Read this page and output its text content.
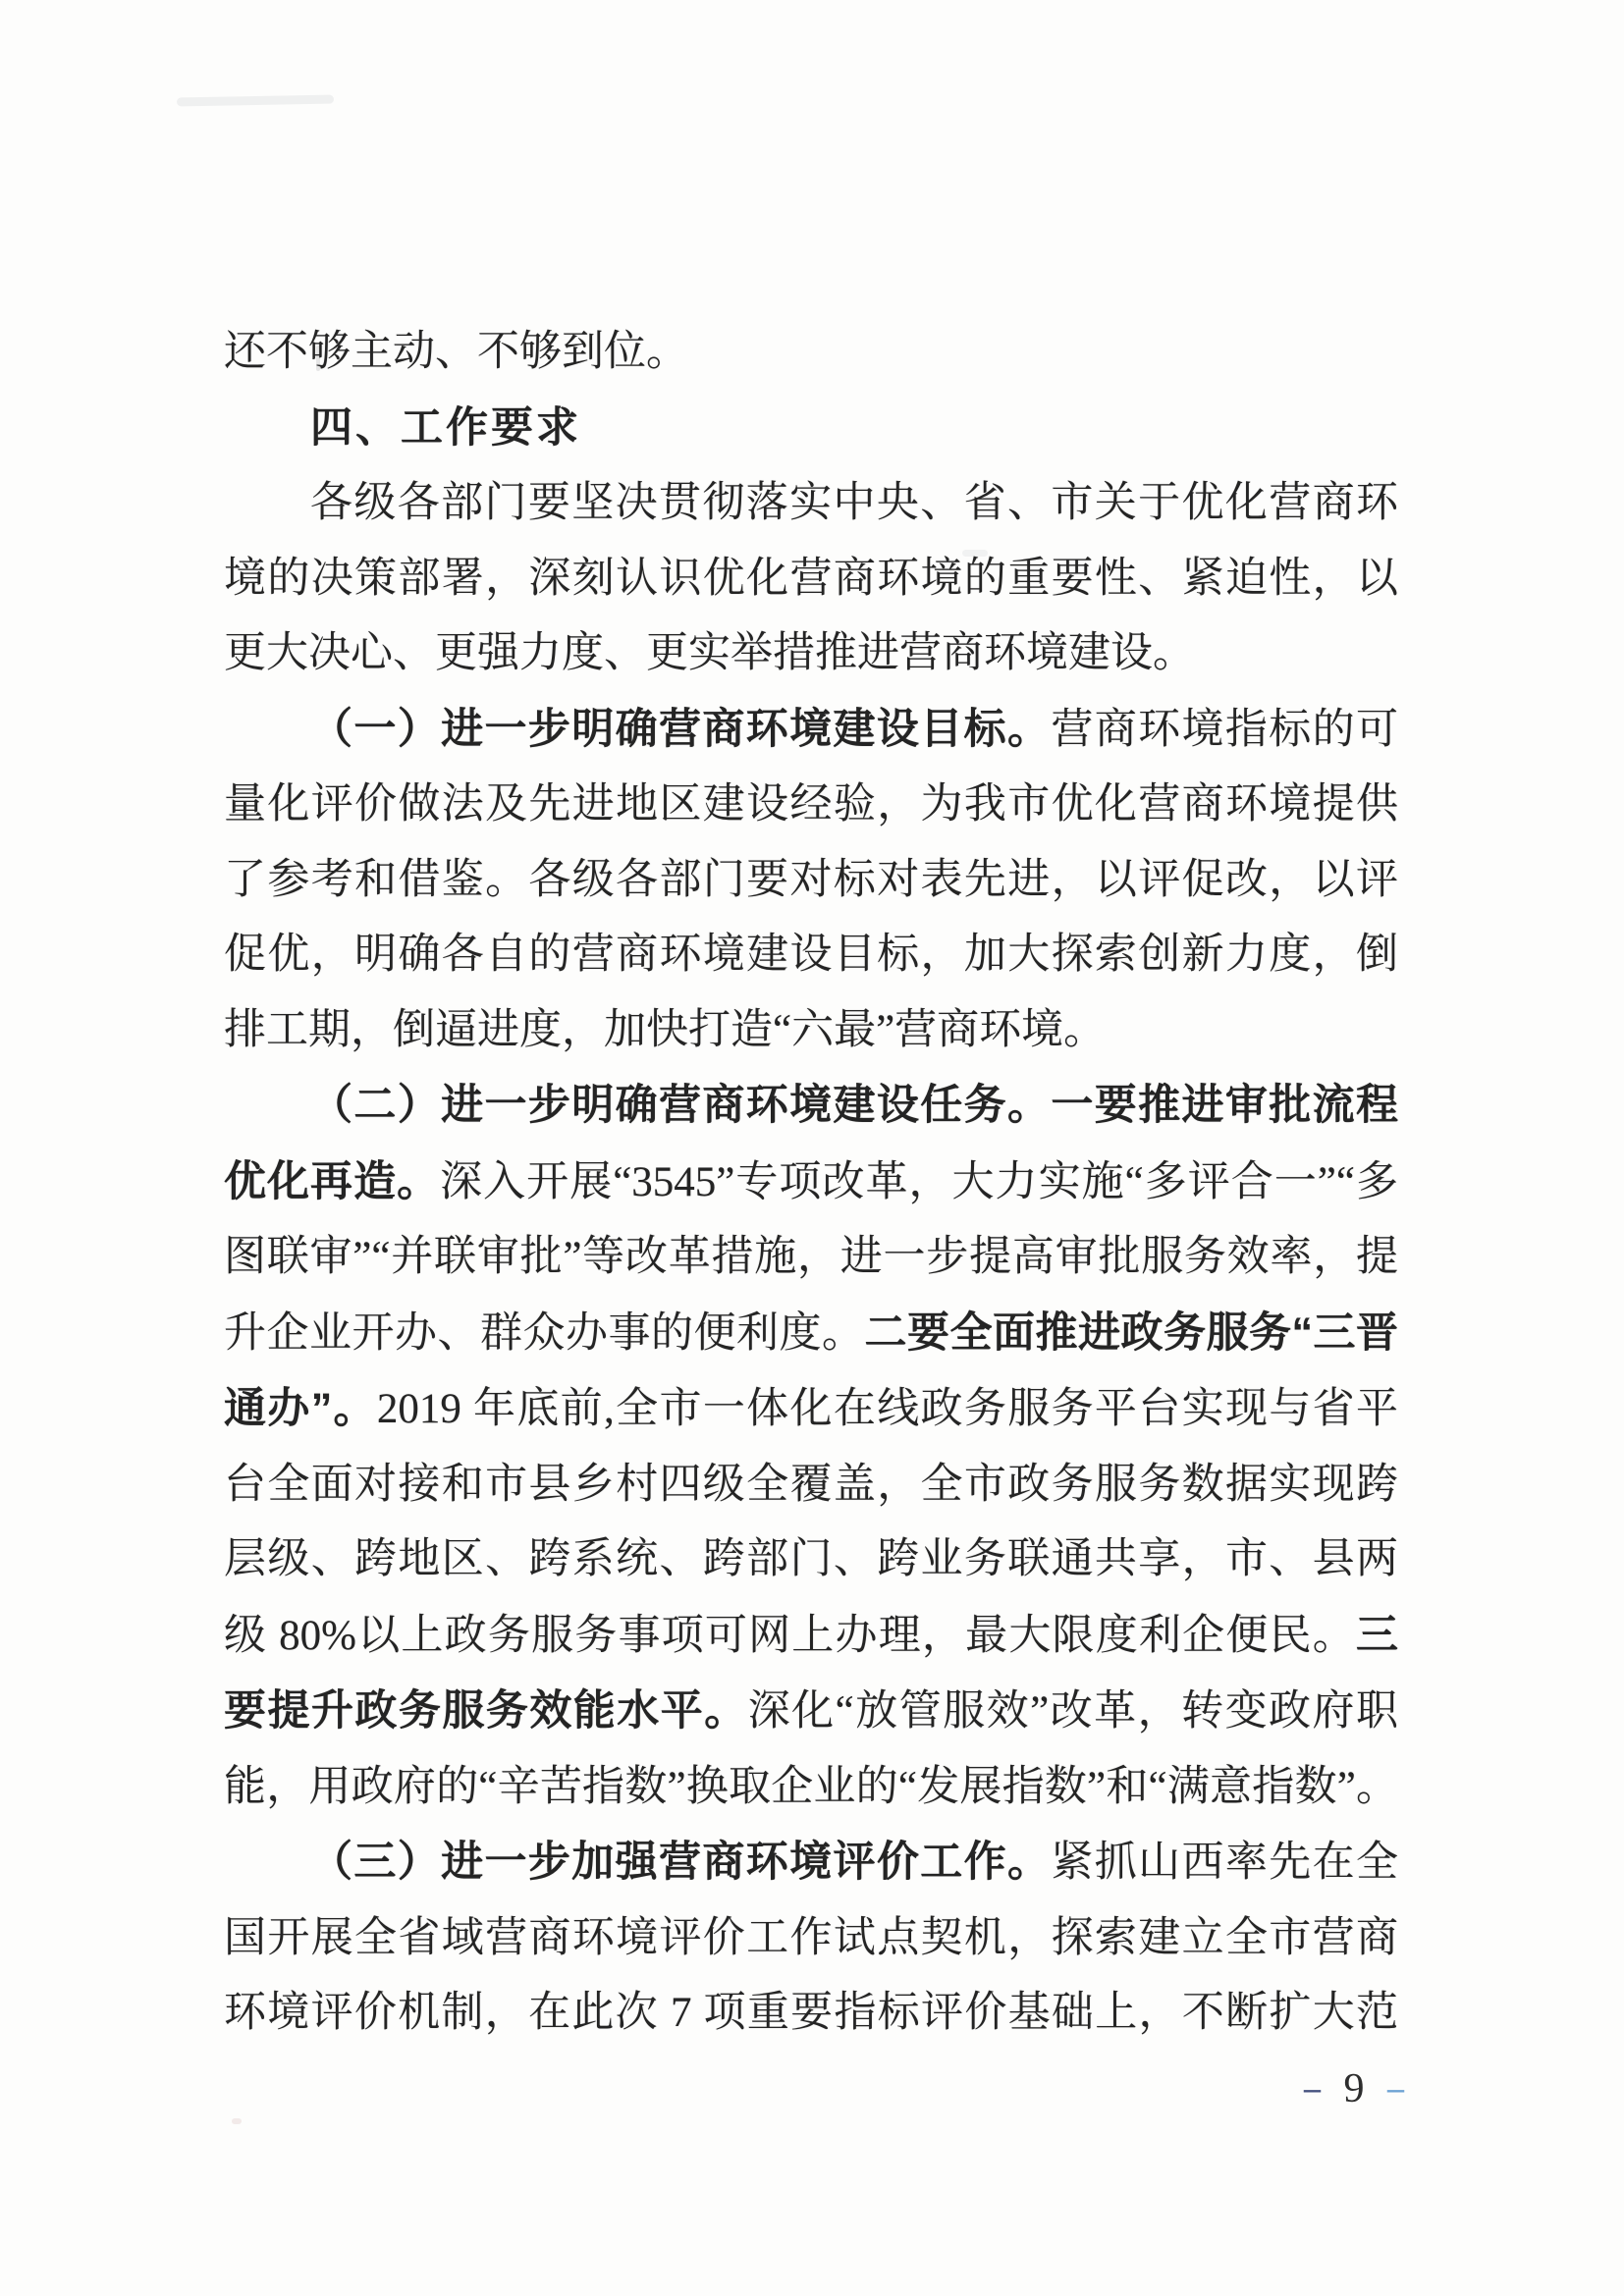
还不够主动、不够到位。
四、工作要求
各级各部门要坚决贯彻落实中央、省、市关于优化营商环
境的决策部署，深刻认识优化营商环境的重要性、紧迫性，以
更大决心、更强力度、更实举措推进营商环境建设。
（一）进一步明确营商环境建设目标。营商环境指标的可
量化评价做法及先进地区建设经验，为我市优化营商环境提供
了参考和借鉴。各级各部门要对标对表先进，以评促改，以评
促优，明确各自的营商环境建设目标，加大探索创新力度，倒
排工期，倒逼进度，加快打造“六最”营商环境。
（二）进一步明确营商环境建设任务。一要推进审批流程
优化再造。深入开展“3545”专项改革，大力实施“多评合一”“多
图联审”“并联审批”等改革措施，进一步提高审批服务效率，提
升企业开办、群众办事的便利度。二要全面推进政务服务“三晋
通办”。2019 年底前,全市一体化在线政务服务平台实现与省平
台全面对接和市县乡村四级全覆盖，全市政务服务数据实现跨
层级、跨地区、跨系统、跨部门、跨业务联通共享，市、县两
级 80%以上政务服务事项可网上办理，最大限度利企便民。三
要提升政务服务效能水平。深化“放管服效”改革，转变政府职
能，用政府的“辛苦指数”换取企业的“发展指数”和“满意指数”。
（三）进一步加强营商环境评价工作。紧抓山西率先在全
国开展全省域营商环境评价工作试点契机，探索建立全市营商
环境评价机制，在此次 7 项重要指标评价基础上，不断扩大范
– 9 –
